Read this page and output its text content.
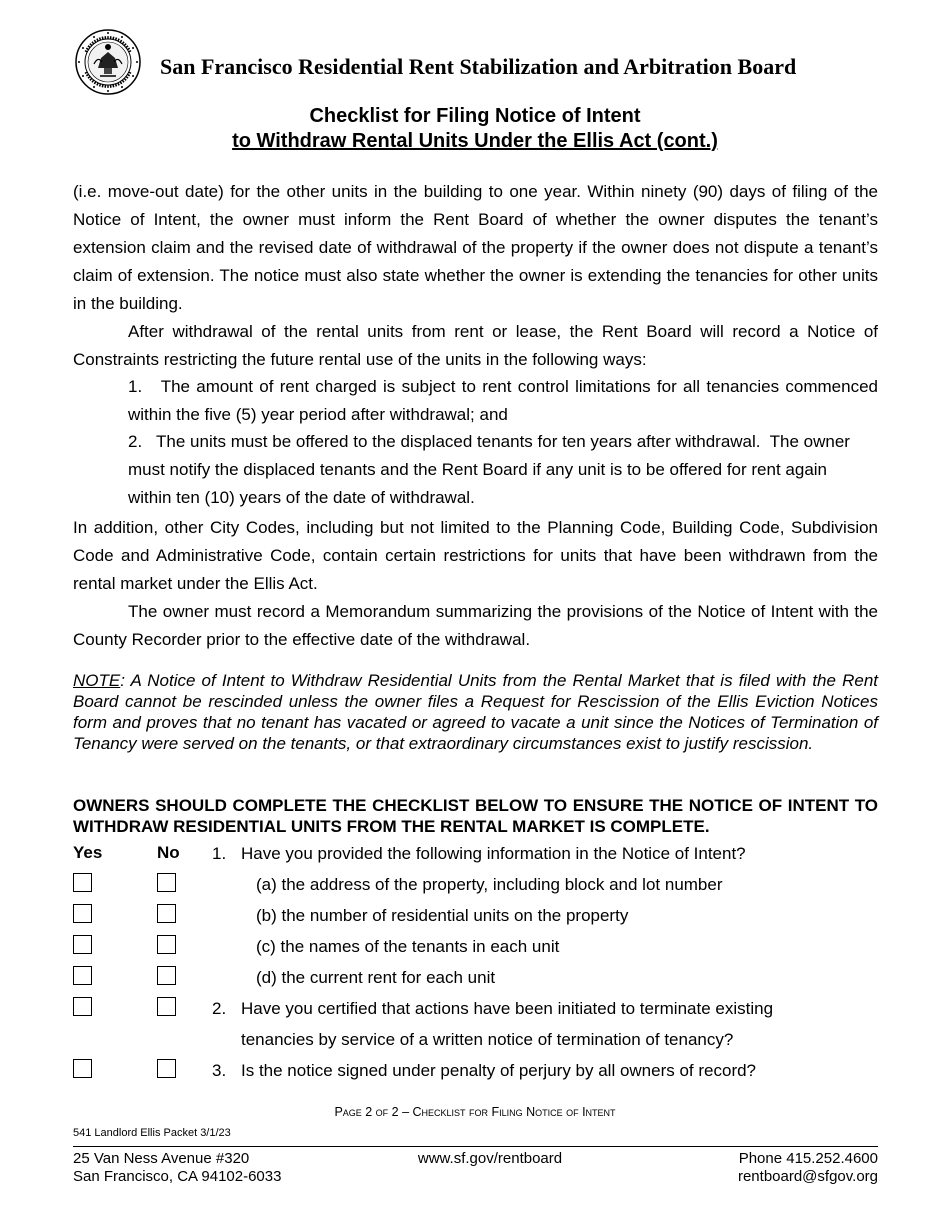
San Francisco Residential Rent Stabilization and Arbitration Board
Checklist for Filing Notice of Intent
to Withdraw Rental Units Under the Ellis Act (cont.)

(i.e. move-out date) for the other units in the building to one year. Within ninety (90) days of filing of the Notice of Intent, the owner must inform the Rent Board of whether the owner disputes the tenant’s extension claim and the revised date of withdrawal of the property if the owner does not dispute a tenant’s claim of extension. The notice must also state whether the owner is extending the tenancies for other units in the building.

After withdrawal of the rental units from rent or lease, the Rent Board will record a Notice of Constraints restricting the future rental use of the units in the following ways:

1.   The amount of rent charged is subject to rent control limitations for all tenancies commenced within the five (5) year period after withdrawal; and

2.   The units must be offered to the displaced tenants for ten years after withdrawal.  The owner must notify the displaced tenants and the Rent Board if any unit is to be offered for rent again within ten (10) years of the date of withdrawal.

In addition, other City Codes, including but not limited to the Planning Code, Building Code, Subdivision Code and Administrative Code, contain certain restrictions for units that have been withdrawn from the rental market under the Ellis Act.

The owner must record a Memorandum summarizing the provisions of the Notice of Intent with the County Recorder prior to the effective date of the withdrawal.

NOTE: A Notice of Intent to Withdraw Residential Units from the Rental Market that is filed with the Rent Board cannot be rescinded unless the owner files a Request for Rescission of the Ellis Eviction Notices form and proves that no tenant has vacated or agreed to vacate a unit since the Notices of Termination of Tenancy were served on the tenants, or that extraordinary circumstances exist to justify rescission.

OWNERS SHOULD COMPLETE THE CHECKLIST BELOW TO ENSURE THE NOTICE OF INTENT TO WITHDRAW RESIDENTIAL UNITS FROM THE RENTAL MARKET IS COMPLETE.

Yes	No 1. Have you provided the following information in the Notice of Intent?
(a) the address of the property, including block and lot number
(b) the number of residential units on the property
(c) the names of the tenants in each unit
(d) the current rent for each unit
2. Have you certified that actions have been initiated to terminate existing
tenancies by service of a written notice of termination of tenancy?
3. Is the notice signed under penalty of perjury by all owners of record?
Page 2 of 2 – Checklist for Filing Notice of Intent
541 Landlord Ellis Packet 3/1/23
25 Van Ness Avenue #320
San Francisco, CA 94102-6033
www.sf.gov/rentboard	Phone 415.252.4600
rentboard@sfgov.org
